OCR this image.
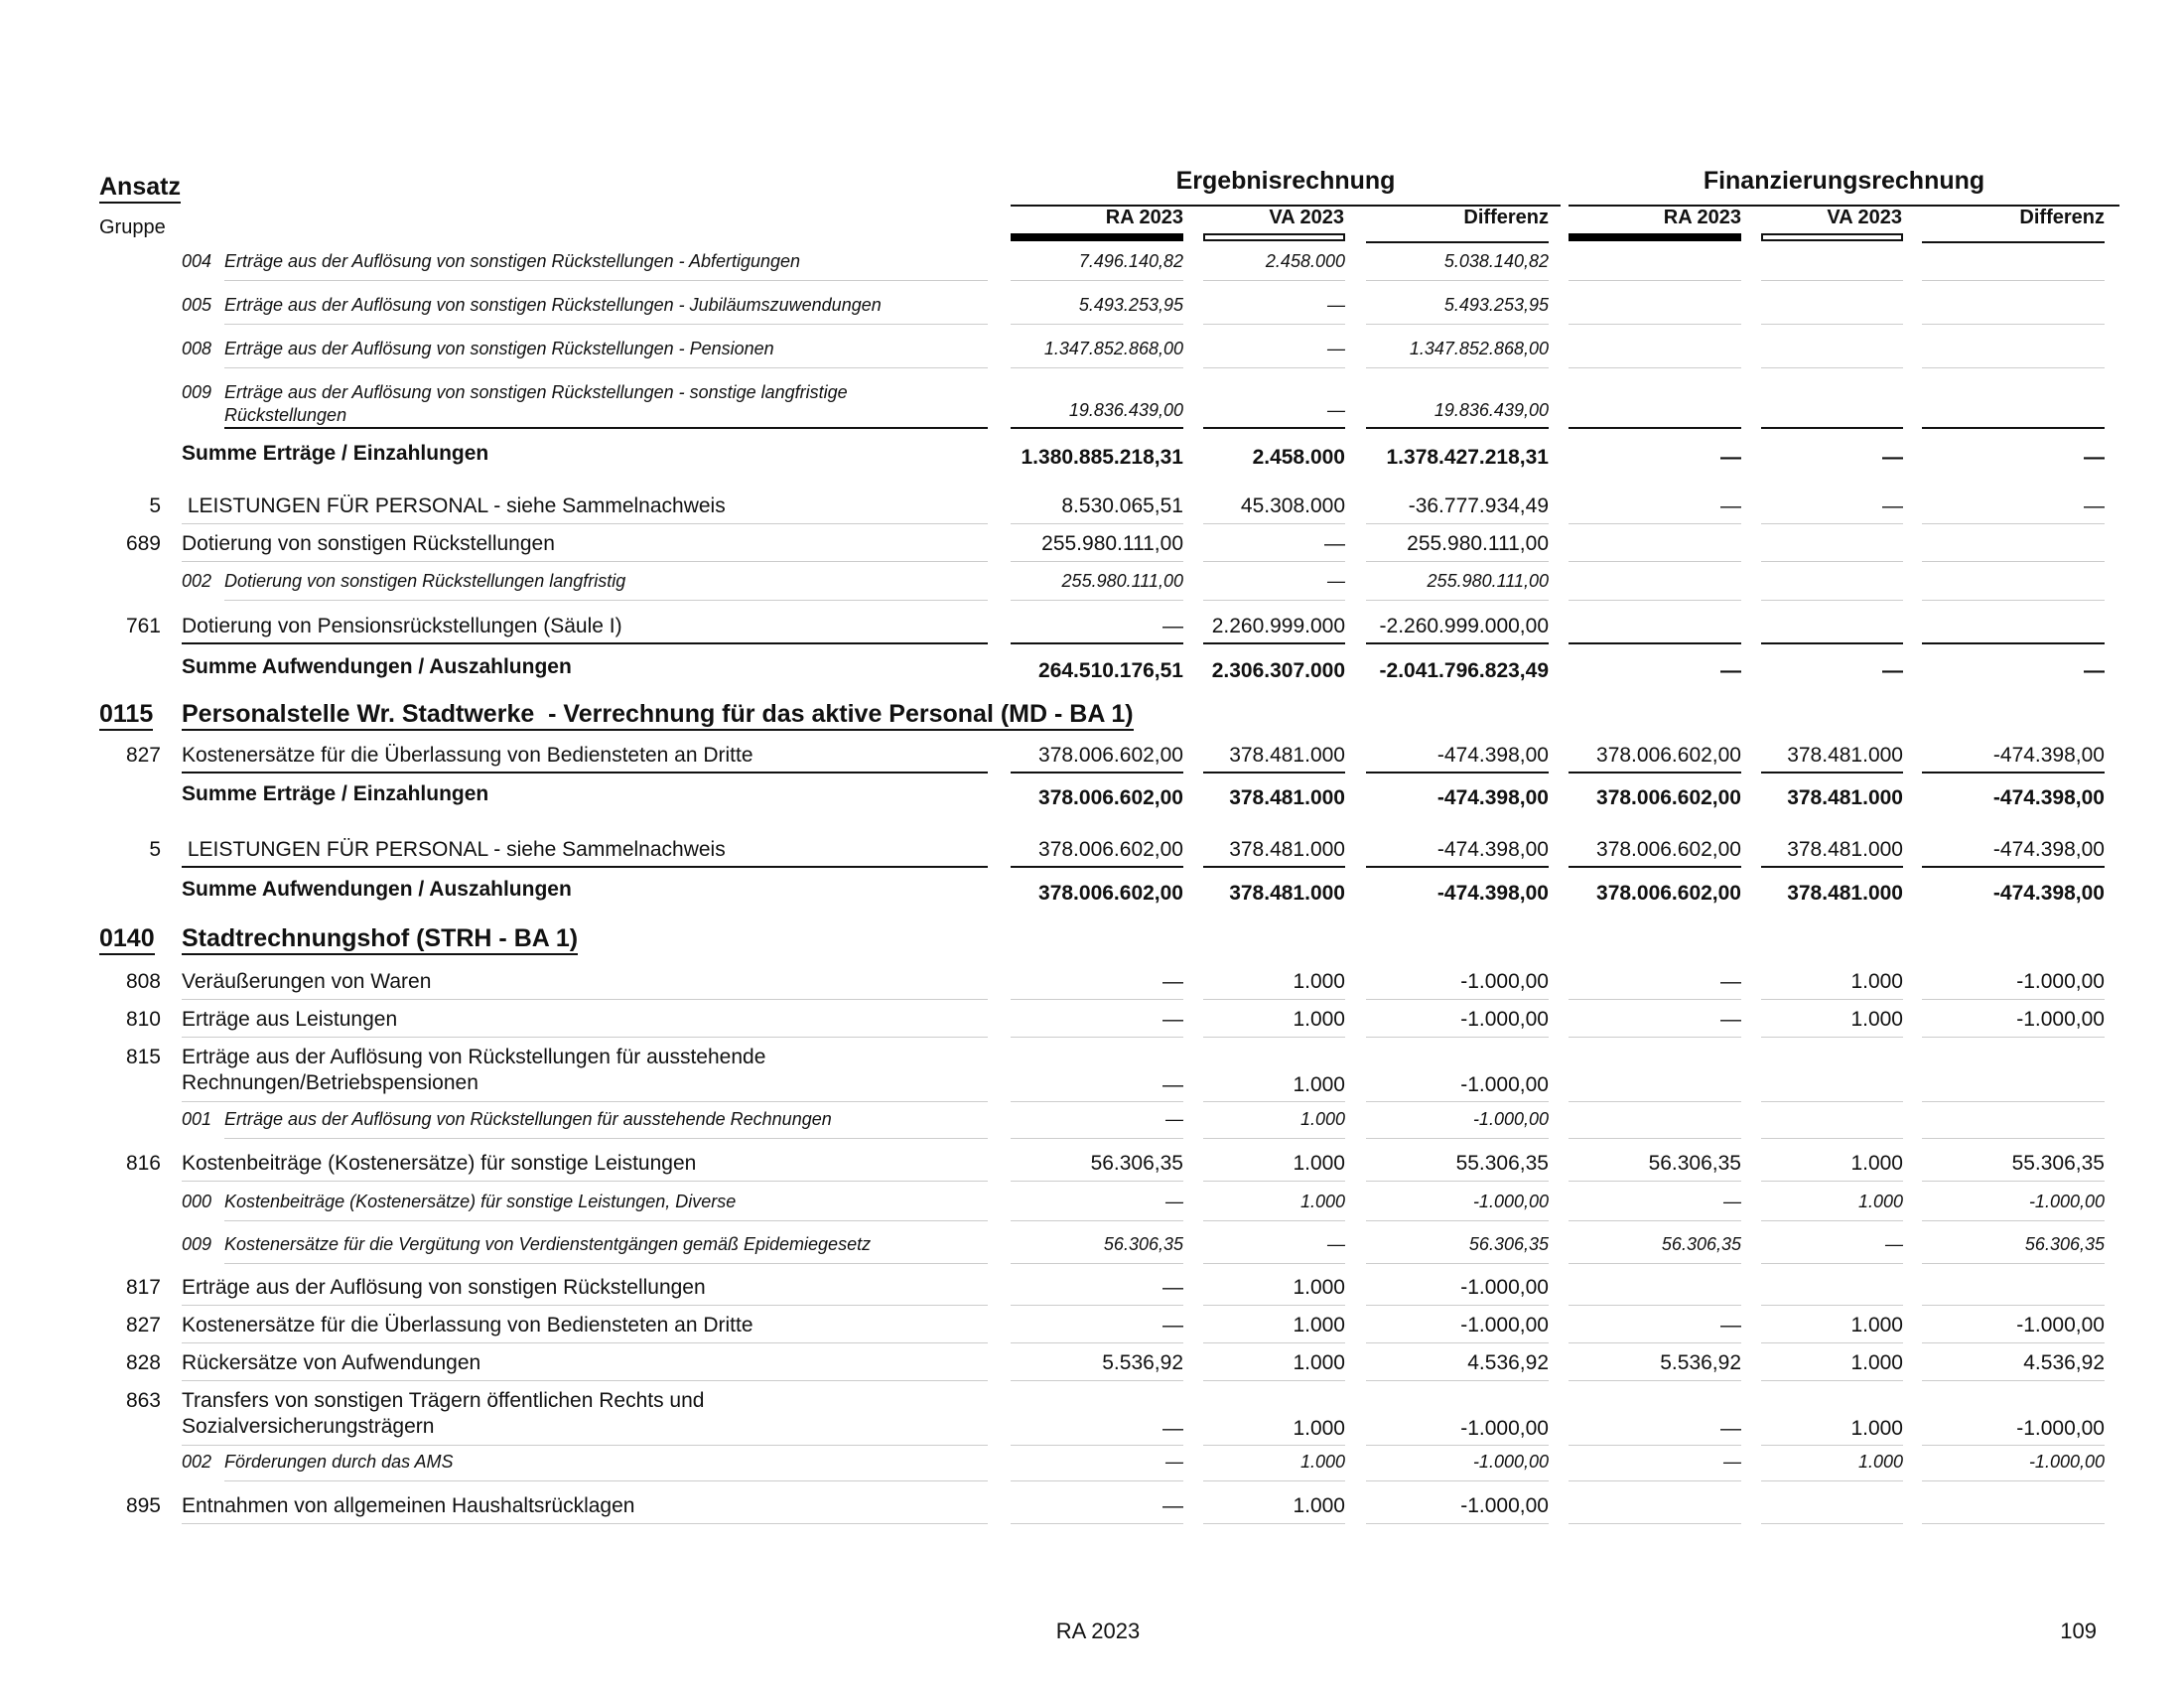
Ansatz
Gruppe
Ergebnisrechnung	Finanzierungsrechnung
RA 2023	VA 2023	Differenz	RA 2023	VA 2023	Differenz
004 Erträge aus der Auflösung von sonstigen Rückstellungen - Abfertigungen	7.496.140,82	2.458.000	5.038.140,82
005 Erträge aus der Auflösung von sonstigen Rückstellungen - Jubiläumszuwendungen	5.493.253,95	—	5.493.253,95
008 Erträge aus der Auflösung von sonstigen Rückstellungen - Pensionen	1.347.852.868,00	—	1.347.852.868,00
009 Erträge aus der Auflösung von sonstigen Rückstellungen - sonstige langfristige
Rückstellungen	19.836.439,00	—	19.836.439,00
Summe Erträge / Einzahlungen	1.380.885.218,31	2.458.000	1.378.427.218,31	—	—	—
5 LEISTUNGEN FÜR PERSONAL - siehe Sammelnachweis	8.530.065,51	45.308.000	-36.777.934,49	—	—	—
689 Dotierung von sonstigen Rückstellungen	255.980.111,00	—	255.980.111,00
002 Dotierung von sonstigen Rückstellungen langfristig	255.980.111,00	—	255.980.111,00
761 Dotierung von Pensionsrückstellungen (Säule I)	—	2.260.999.000	-2.260.999.000,00
Summe Aufwendungen / Auszahlungen	264.510.176,51	2.306.307.000	-2.041.796.823,49	—	—	—
0115 Personalstelle Wr. Stadtwerke  - Verrechnung für das aktive Personal (MD - BA 1)
827 Kostenersätze für die Überlassung von Bediensteten an Dritte	378.006.602,00	378.481.000	-474.398,00	378.006.602,00	378.481.000	-474.398,00
Summe Erträge / Einzahlungen	378.006.602,00	378.481.000	-474.398,00	378.006.602,00	378.481.000	-474.398,00
5 LEISTUNGEN FÜR PERSONAL - siehe Sammelnachweis	378.006.602,00	378.481.000	-474.398,00	378.006.602,00	378.481.000	-474.398,00
Summe Aufwendungen / Auszahlungen	378.006.602,00	378.481.000	-474.398,00	378.006.602,00	378.481.000	-474.398,00
0140 Stadtrechnungshof (STRH - BA 1)
808 Veräußerungen von Waren	—	1.000	-1.000,00	—	1.000	-1.000,00
810 Erträge aus Leistungen	—	1.000	-1.000,00	—	1.000	-1.000,00
815 Erträge aus der Auflösung von Rückstellungen für ausstehende
Rechnungen/Betriebspensionen	—	1.000	-1.000,00
001 Erträge aus der Auflösung von Rückstellungen für ausstehende Rechnungen	—	1.000	-1.000,00
816 Kostenbeiträge (Kostenersätze) für sonstige Leistungen	56.306,35	1.000	55.306,35	56.306,35	1.000	55.306,35
000 Kostenbeiträge (Kostenersätze) für sonstige Leistungen, Diverse	—	1.000	-1.000,00	—	1.000	-1.000,00
009 Kostenersätze für die Vergütung von Verdienstentgängen gemäß Epidemiegesetz	56.306,35	—	56.306,35	56.306,35	—	56.306,35
817 Erträge aus der Auflösung von sonstigen Rückstellungen	—	1.000	-1.000,00
827 Kostenersätze für die Überlassung von Bediensteten an Dritte	—	1.000	-1.000,00	—	1.000	-1.000,00
828 Rückersätze von Aufwendungen	5.536,92	1.000	4.536,92	5.536,92	1.000	4.536,92
863 Transfers von sonstigen Trägern öffentlichen Rechts und
Sozialversicherungsträgern	—	1.000	-1.000,00	—	1.000	-1.000,00
002 Förderungen durch das AMS	—	1.000	-1.000,00	—	1.000	-1.000,00
895 Entnahmen von allgemeinen Haushaltsrücklagen	—	1.000	-1.000,00
RA 2023	109
